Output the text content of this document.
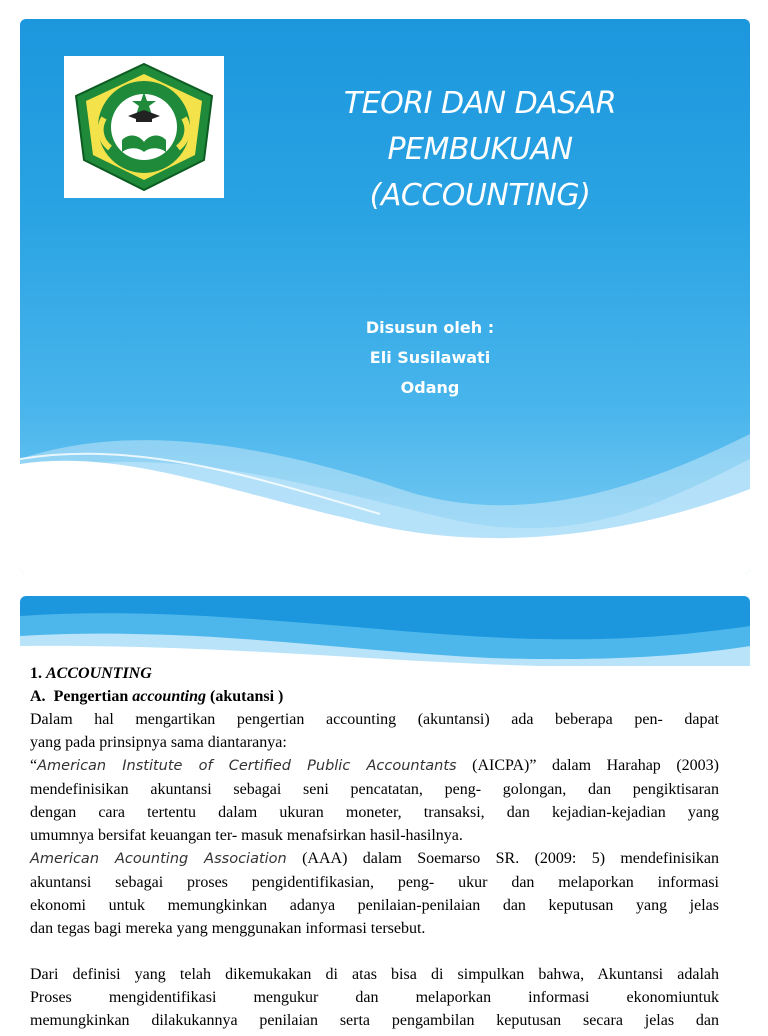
TEORI DAN DASAR
PEMBUKUAN
(ACCOUNTING)
Disusun oleh :
Eli Susilawati
Odang

1. ACCOUNTING

A. Pengertian accounting (akutansi )

Dalam hal mengartikan pengertian accounting (akuntansi) ada beberapa pen- dapat

yang pada prinsipnya sama diantaranya:

“American Institute of Certified Public Accountants (AICPA)” dalam Harahap (2003)

mendefinisikan akuntansi sebagai seni pencatatan, peng- golongan, dan pengiktisaran

dengan cara tertentu dalam ukuran moneter, transaksi, dan kejadian-kejadian yang

umumnya bersifat keuangan ter- masuk menafsirkan hasil-hasilnya.

American Acounting Association (AAA) dalam Soemarso SR. (2009: 5) mendefinisikan

akuntansi sebagai proses pengidentifikasian, peng- ukur dan melaporkan informasi

ekonomi untuk memungkinkan adanya penilaian-penilaian dan keputusan yang jelas

dan tegas bagi mereka yang menggunakan informasi tersebut.

Dari definisi yang telah dikemukakan di atas bisa di simpulkan bahwa, Akuntansi adalah

Proses mengidentifikasi mengukur dan melaporkan informasi ekonomiuntuk

memungkinkan dilakukannya penilaian serta pengambilan keputusan secara jelas dan
